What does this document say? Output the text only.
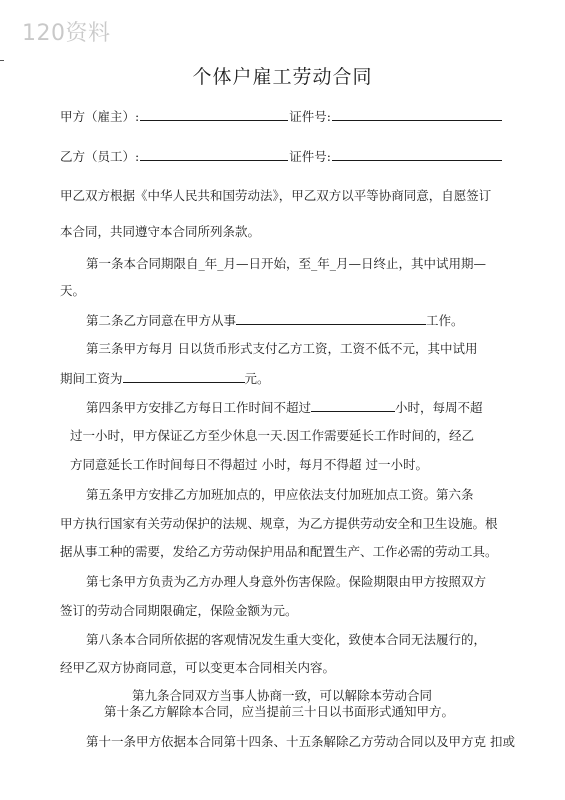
120资料
个体户雇工劳动合同
甲方（雇主）:	证件号:
乙方（员工）:	证件号:
甲乙双方根据《中华人民共和国劳动法》，甲乙双方以平等协商同意，自愿签订
本合同，共同遵守本合同所列条款。
第一条本合同期限自_年_月—日开始，至_年_月—日终止，其中试用期—
天。
第二条乙方同意在甲方从事	工作。
第三条甲方每月 日以货币形式支付乙方工资，工资不低不元，其中试用
期间工资为	元。
第四条甲方安排乙方每日工作时间不超过	小时，每周不超
过一小时，甲方保证乙方至少休息一天.因工作需要延长工作时间的，经乙
方同意延长工作时间每日不得超过 小时，每月不得超 过一小时。
第五条甲方安排乙方加班加点的，甲应依法支付加班加点工资。第六条
甲方执行国家有关劳动保护的法规、规章，为乙方提供劳动安全和卫生设施。根
据从事工种的需要，发给乙方劳动保护用品和配置生产、工作必需的劳动工具。
第七条甲方负责为乙方办理人身意外伤害保险。保险期限由甲方按照双方
签订的劳动合同期限确定，保险金额为元。
第八条本合同所依据的客观情况发生重大变化，致使本合同无法履行的，
经甲乙双方协商同意，可以变更本合同相关内容。
第九条合同双方当事人协商一致，可以解除本劳动合同
第十条乙方解除本合同，应当提前三十日以书面形式通知甲方。
第十一条甲方依据本合同第十四条、十五条解除乙方劳动合同以及甲方克 扣或
